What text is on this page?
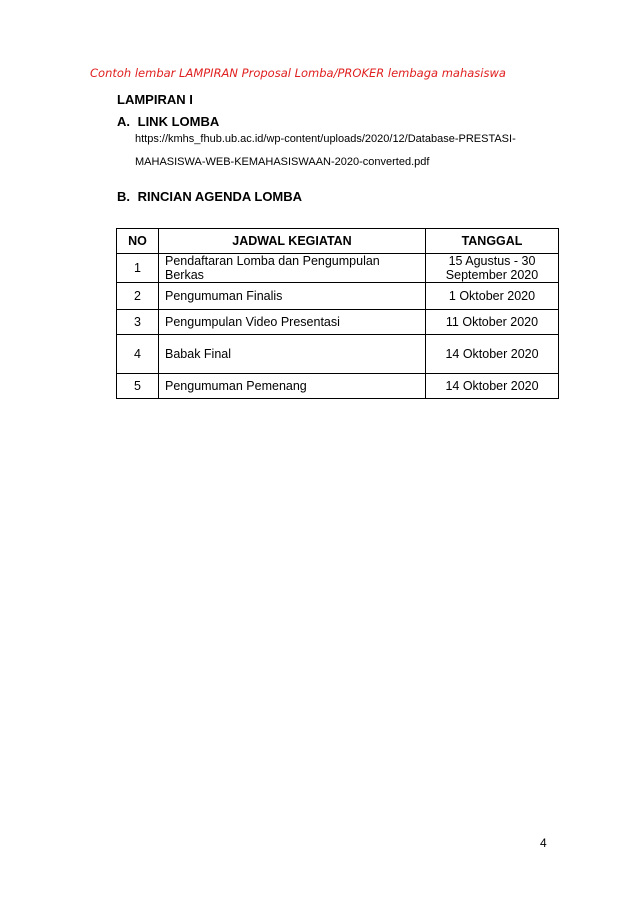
Contoh lembar LAMPIRAN Proposal Lomba/PROKER lembaga mahasiswa
LAMPIRAN I
A. LINK LOMBA
https://kmhs_fhub.ub.ac.id/wp-content/uploads/2020/12/Database-PRESTASI-
MAHASISWA-WEB-KEMAHASISWAAN-2020-converted.pdf
B. RINCIAN AGENDA LOMBA
NO	JADWAL KEGIATAN	TANGGAL
1	Pendaftaran Lomba dan Pengumpulan Berkas	15 Agustus - 30
September 2020

2	Pengumuman Finalis	1 Oktober 2020
3	Pengumpulan Video Presentasi	11 Oktober 2020
4	Babak Final	14 Oktober 2020
5	Pengumuman Pemenang	14 Oktober 2020
4
